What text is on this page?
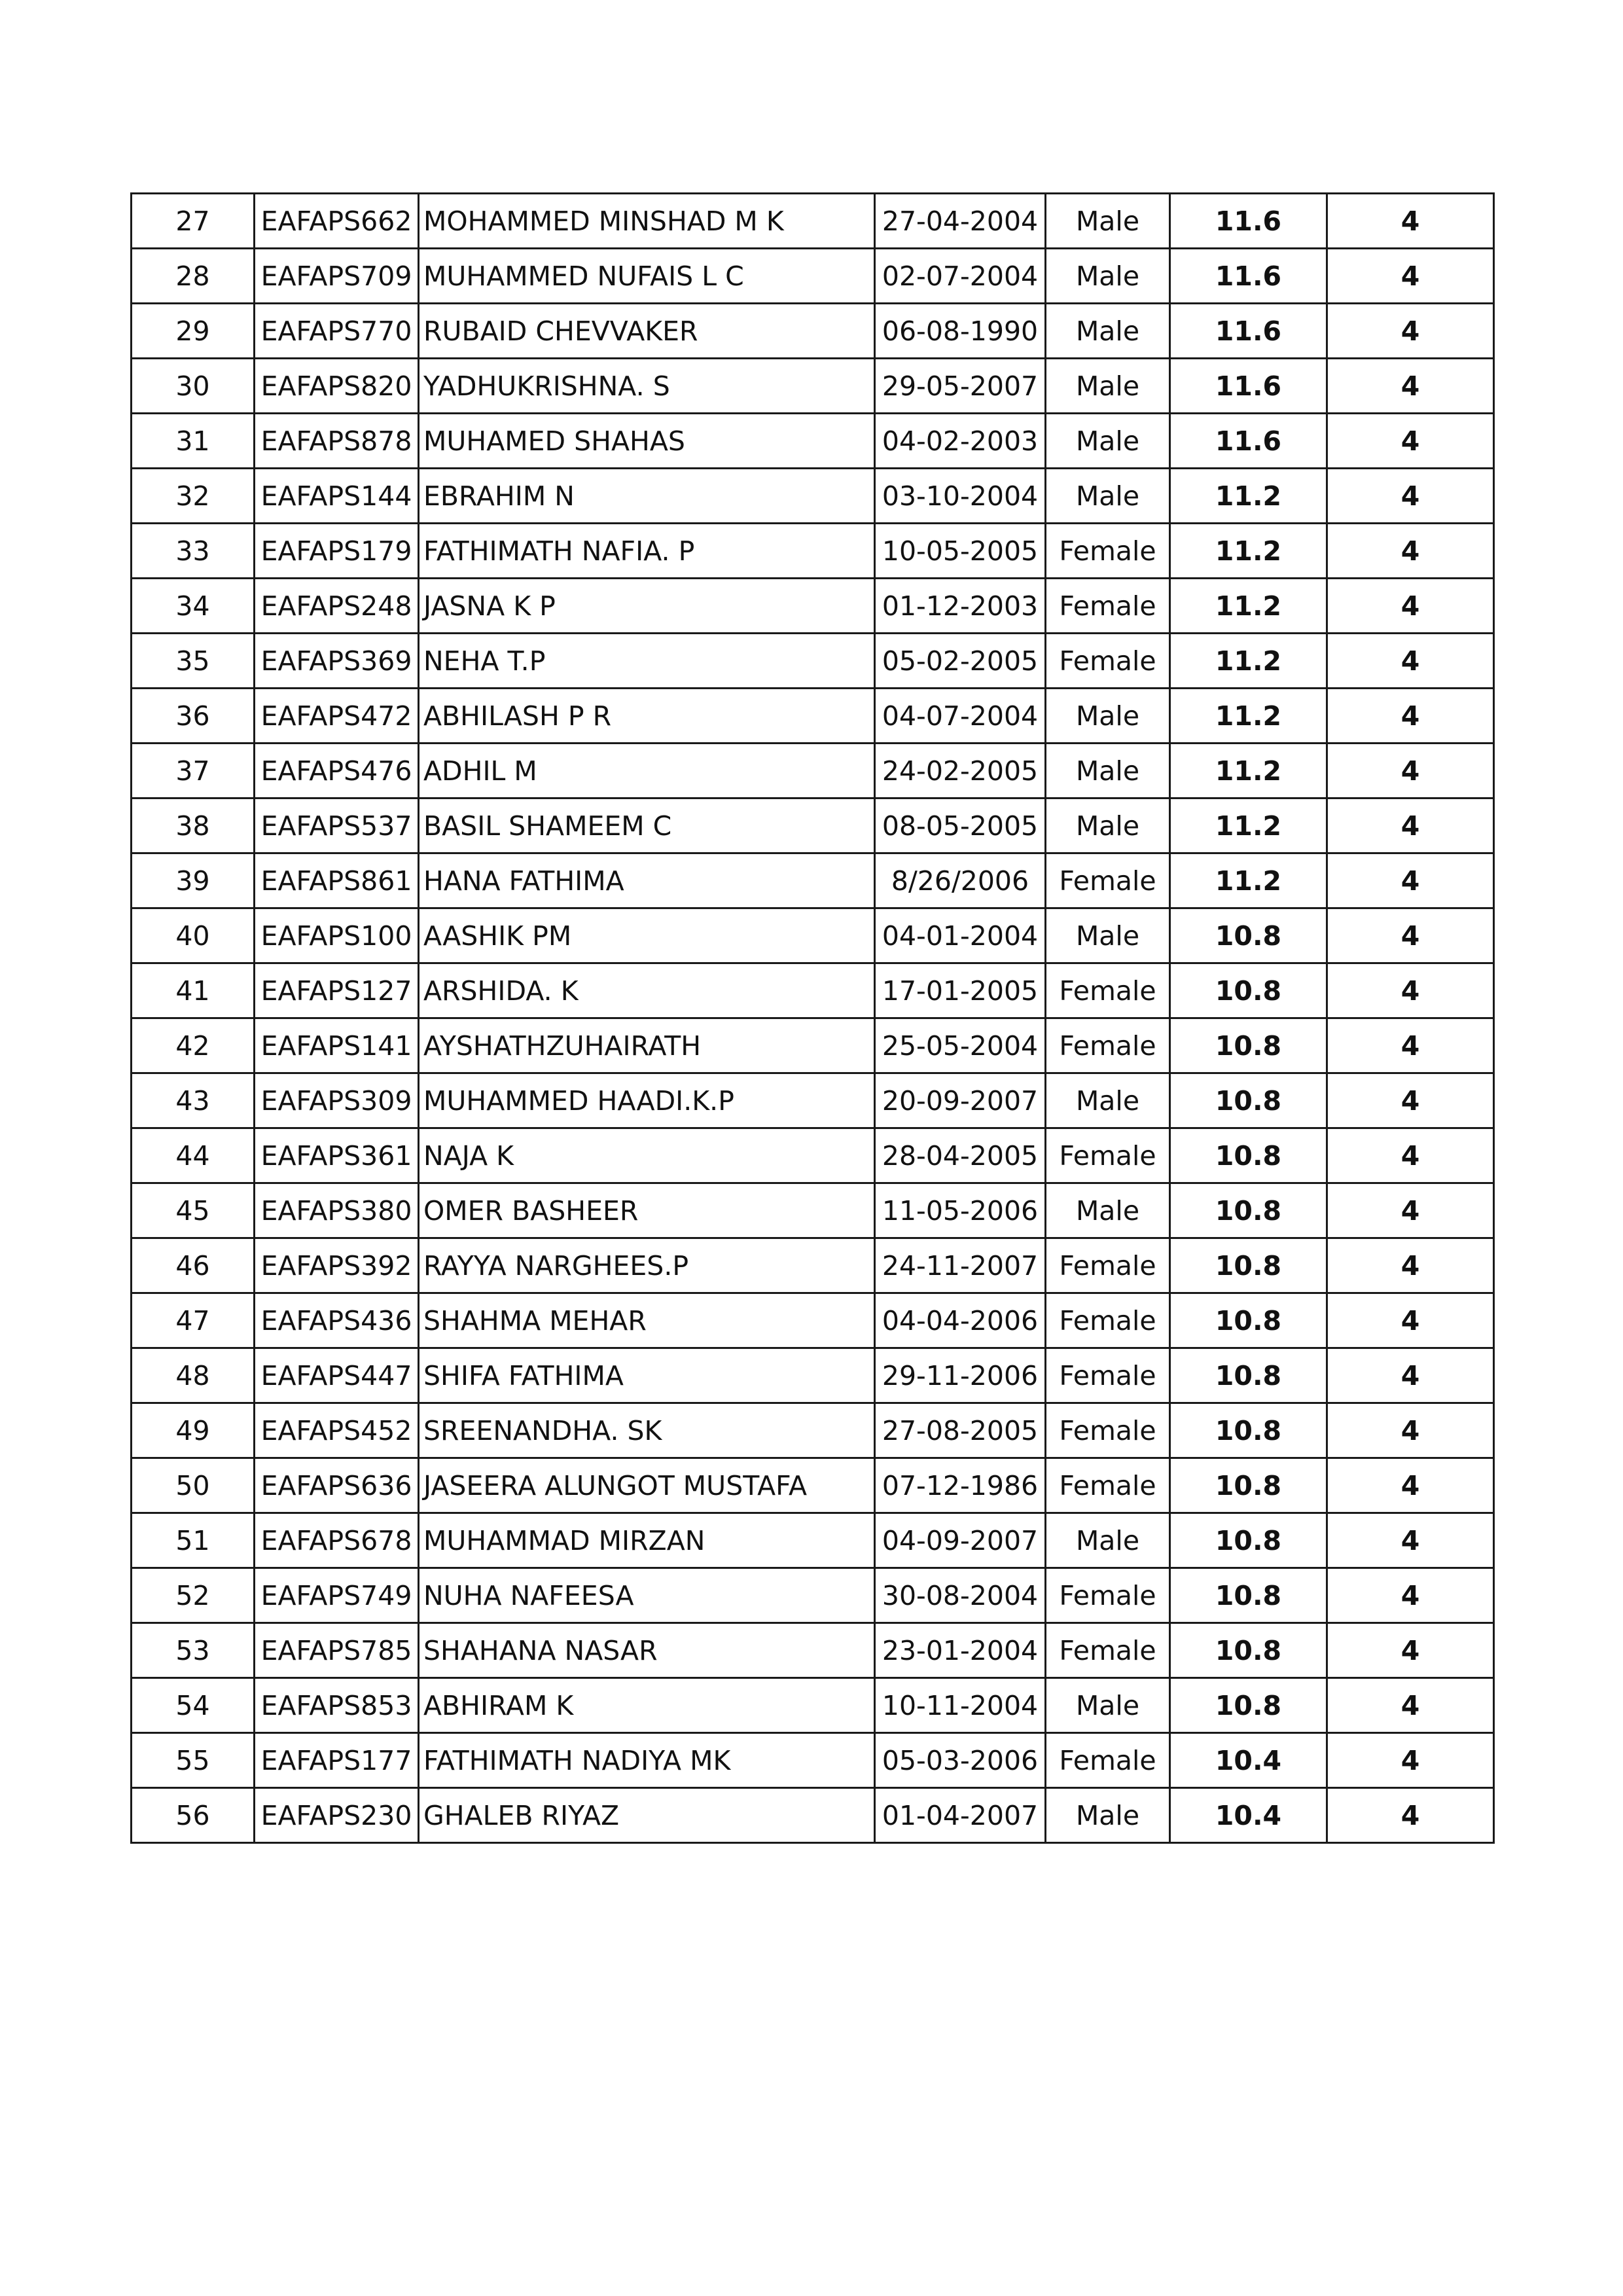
27	EAFAPS662	MOHAMMED MINSHAD M K	27-04-2004	Male	11.6	4
28	EAFAPS709	MUHAMMED NUFAIS L C	02-07-2004	Male	11.6	4
29	EAFAPS770	RUBAID CHEVVAKER	06-08-1990	Male	11.6	4
30	EAFAPS820	YADHUKRISHNA. S	29-05-2007	Male	11.6	4
31	EAFAPS878	MUHAMED SHAHAS	04-02-2003	Male	11.6	4
32	EAFAPS144	EBRAHIM N	03-10-2004	Male	11.2	4
33	EAFAPS179	FATHIMATH NAFIA. P	10-05-2005	Female	11.2	4
34	EAFAPS248	JASNA K P	01-12-2003	Female	11.2	4
35	EAFAPS369	NEHA T.P	05-02-2005	Female	11.2	4
36	EAFAPS472	ABHILASH P R	04-07-2004	Male	11.2	4
37	EAFAPS476	ADHIL M	24-02-2005	Male	11.2	4
38	EAFAPS537	BASIL SHAMEEM C	08-05-2005	Male	11.2	4
39	EAFAPS861	HANA FATHIMA	8/26/2006	Female	11.2	4
40	EAFAPS100	AASHIK PM	04-01-2004	Male	10.8	4
41	EAFAPS127	ARSHIDA. K	17-01-2005	Female	10.8	4
42	EAFAPS141	AYSHATHZUHAIRATH	25-05-2004	Female	10.8	4
43	EAFAPS309	MUHAMMED HAADI.K.P	20-09-2007	Male	10.8	4
44	EAFAPS361	NAJA K	28-04-2005	Female	10.8	4
45	EAFAPS380	OMER BASHEER	11-05-2006	Male	10.8	4
46	EAFAPS392	RAYYA NARGHEES.P	24-11-2007	Female	10.8	4
47	EAFAPS436	SHAHMA MEHAR	04-04-2006	Female	10.8	4
48	EAFAPS447	SHIFA FATHIMA	29-11-2006	Female	10.8	4
49	EAFAPS452	SREENANDHA. SK	27-08-2005	Female	10.8	4
50	EAFAPS636	JASEERA ALUNGOT MUSTAFA	07-12-1986	Female	10.8	4
51	EAFAPS678	MUHAMMAD MIRZAN	04-09-2007	Male	10.8	4
52	EAFAPS749	NUHA NAFEESA	30-08-2004	Female	10.8	4
53	EAFAPS785	SHAHANA NASAR	23-01-2004	Female	10.8	4
54	EAFAPS853	ABHIRAM K	10-11-2004	Male	10.8	4
55	EAFAPS177	FATHIMATH NADIYA MK	05-03-2006	Female	10.4	4
56	EAFAPS230	GHALEB RIYAZ	01-04-2007	Male	10.4	4
